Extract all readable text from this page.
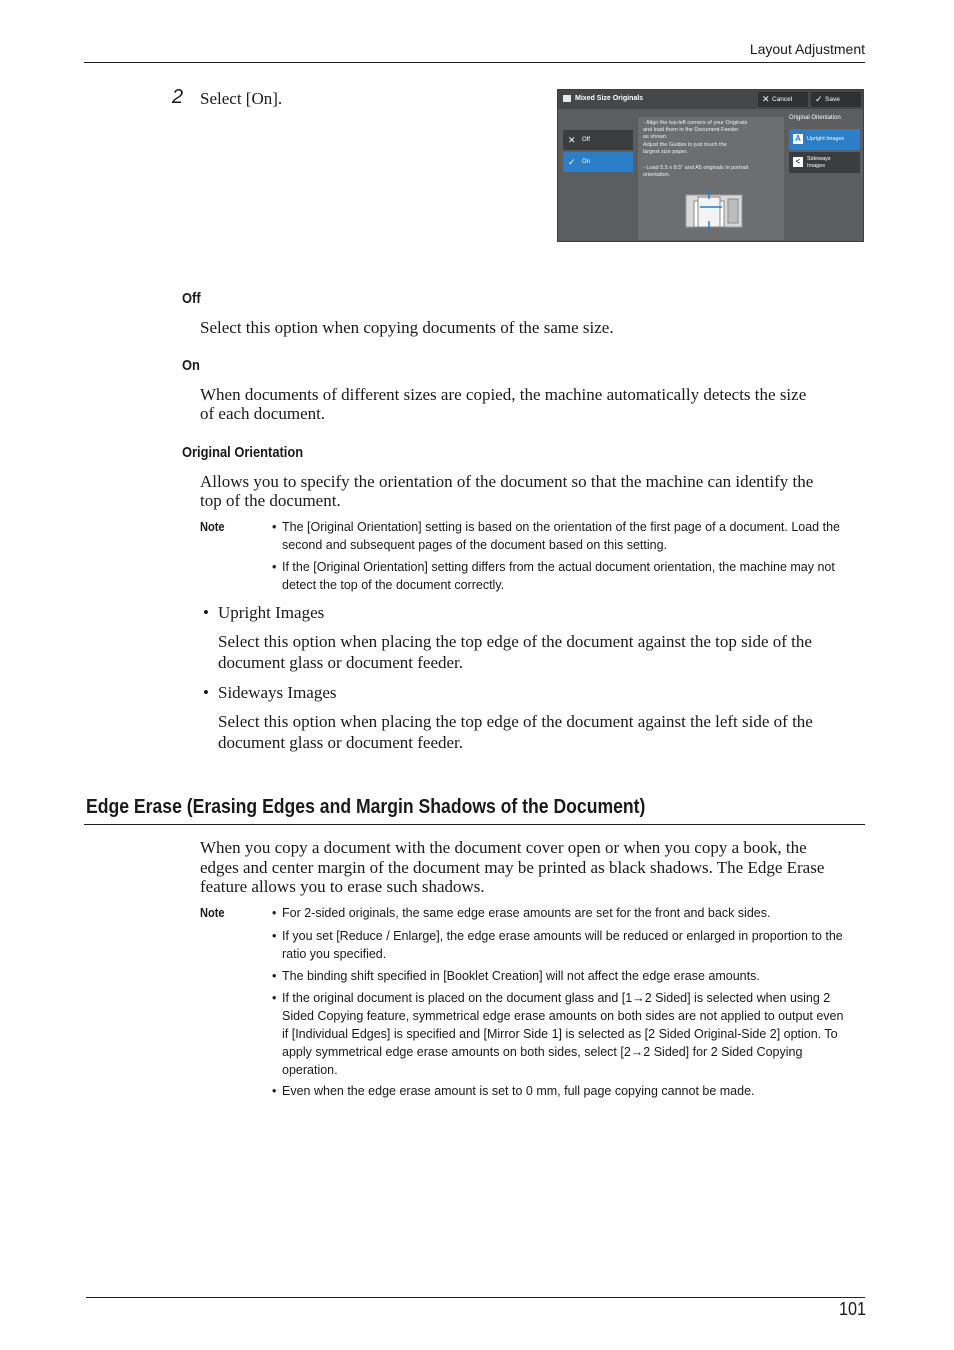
Layout Adjustment
2 Select [On].	Mixed Size Originals	✕ Cancel	✓ Save
✕ Off
✓ On
- Align the top-left corners of your Originals
and load them in the Document Feeder
as shown.
Adjust the Guides to just touch the
largest size paper.
- Load 5.5 x 8.5" and A5 originals in portrait
orientation.
Original Orientation
A	Upright Images
<	Sideways Images
Off
Select this option when copying documents of the same size.
On
When documents of different sizes are copied, the machine automatically detects the size
of each document.
Original Orientation
Allows you to specify the orientation of the document so that the machine can identify the
top of the document.
Note	• The [Original Orientation] setting is based on the orientation of the first page of a document. Load the
second and subsequent pages of the document based on this setting.
• If the [Original Orientation] setting differs from the actual document orientation, the machine may not
detect the top of the document correctly.
• Upright Images
Select this option when placing the top edge of the document against the top side of the
document glass or document feeder.
• Sideways Images
Select this option when placing the top edge of the document against the left side of the
document glass or document feeder.
Edge Erase (Erasing Edges and Margin Shadows of the Document)
When you copy a document with the document cover open or when you copy a book, the
edges and center margin of the document may be printed as black shadows. The Edge Erase
feature allows you to erase such shadows.
Note	• For 2-sided originals, the same edge erase amounts are set for the front and back sides.
• If you set [Reduce / Enlarge], the edge erase amounts will be reduced or enlarged in proportion to the
ratio you specified.
• The binding shift specified in [Booklet Creation] will not affect the edge erase amounts.
• If the original document is placed on the document glass and [1→2 Sided] is selected when using 2
Sided Copying feature, symmetrical edge erase amounts on both sides are not applied to output even
if [Individual Edges] is specified and [Mirror Side 1] is selected as [2 Sided Original-Side 2] option. To
apply symmetrical edge erase amounts on both sides, select [2→2 Sided] for 2 Sided Copying
operation.
• Even when the edge erase amount is set to 0 mm, full page copying cannot be made.
101
